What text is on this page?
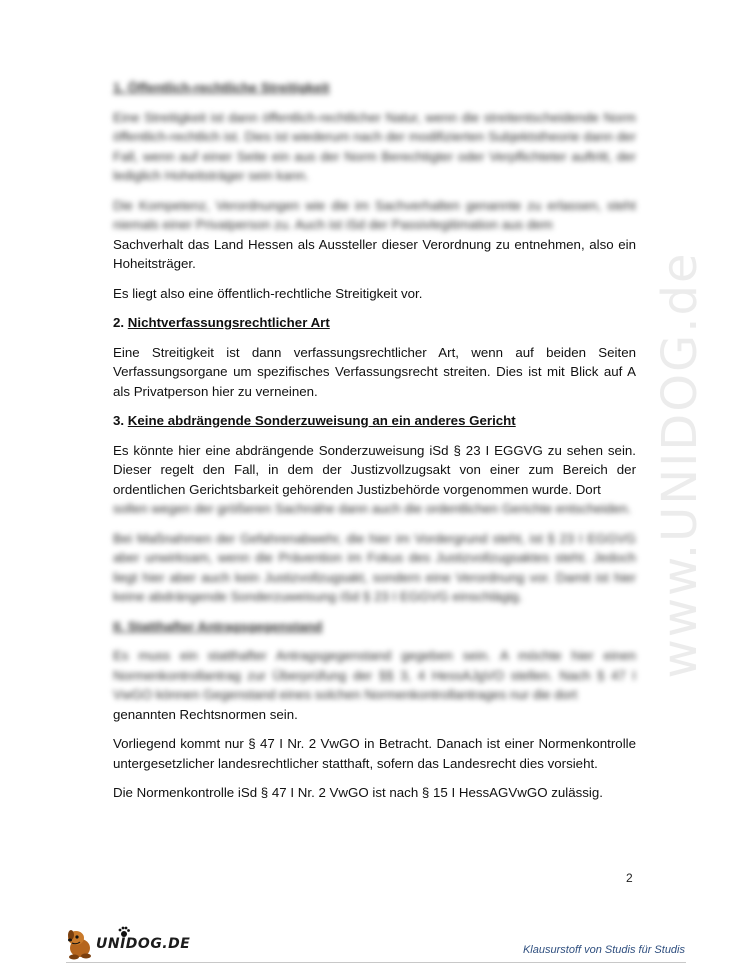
www.UNIDOG.de
1. Öffentlich-rechtliche Streitigkeit

Eine Streitigkeit ist dann öffentlich-rechtlicher Natur, wenn die streitentscheidende Norm öffentlich-rechtlich ist. Dies ist wiederum nach der modifizierten Subjektstheorie dann der Fall, wenn auf einer Seite ein aus der Norm Berechtigter oder Verpflichteter auftritt, der lediglich Hoheitsträger sein kann.

Die Kompetenz, Verordnungen wie die im Sachverhalten genannte zu erlassen, steht niemals einer Privatperson zu. Auch ist iSd der Passivlegitimation aus dem

Sachverhalt das Land Hessen als Aussteller dieser Verordnung zu entnehmen, also ein Hoheitsträger.

Es liegt also eine öffentlich-rechtliche Streitigkeit vor.

2. Nichtverfassungsrechtlicher Art

Eine Streitigkeit ist dann verfassungsrechtlicher Art, wenn auf beiden Seiten Verfassungsorgane um spezifisches Verfassungsrecht streiten. Dies ist mit Blick auf A als Privatperson hier zu verneinen.

3. Keine abdrängende Sonderzuweisung an ein anderes Gericht

Es könnte hier eine abdrängende Sonderzuweisung iSd § 23 I EGGVG zu sehen sein. Dieser regelt den Fall, in dem der Justizvollzugsakt von einer zum Bereich der ordentlichen Gerichtsbarkeit gehörenden Justizbehörde vorgenommen wurde. Dort

sollen wegen der größeren Sachnähe dann auch die ordentlichen Gerichte entscheiden.

Bei Maßnahmen der Gefahrenabwehr, die hier im Vordergrund steht, ist § 23 I EGGVG aber unwirksam, wenn die Prävention im Fokus des Justizvollzugsaktes steht. Jedoch liegt hier aber auch kein Justizvollzugsakt, sondern eine Verordnung vor. Damit ist hier keine abdrängende Sonderzuweisung iSd § 23 I EGGVG einschlägig.

II. Statthafter Antragsgegenstand

Es muss ein statthafter Antragsgegenstand gegeben sein. A möchte hier einen Normenkontrollantrag zur Überprüfung der §§ 3, 4 HessAJgVO stellen. Nach § 47 I VwGO können Gegenstand eines solchen Normenkontrollantrages nur die dort

genannten Rechtsnormen sein.

Vorliegend kommt nur § 47 I Nr. 2 VwGO in Betracht. Danach ist einer Normenkontrolle untergesetzlicher landesrechtlicher statthaft, sofern das Landesrecht dies vorsieht.

Die Normenkontrolle iSd § 47 I Nr. 2 VwGO ist nach § 15 I HessAGVwGO zulässig.

2
UNIDOG.DE	Klausurstoff von Studis für Studis
